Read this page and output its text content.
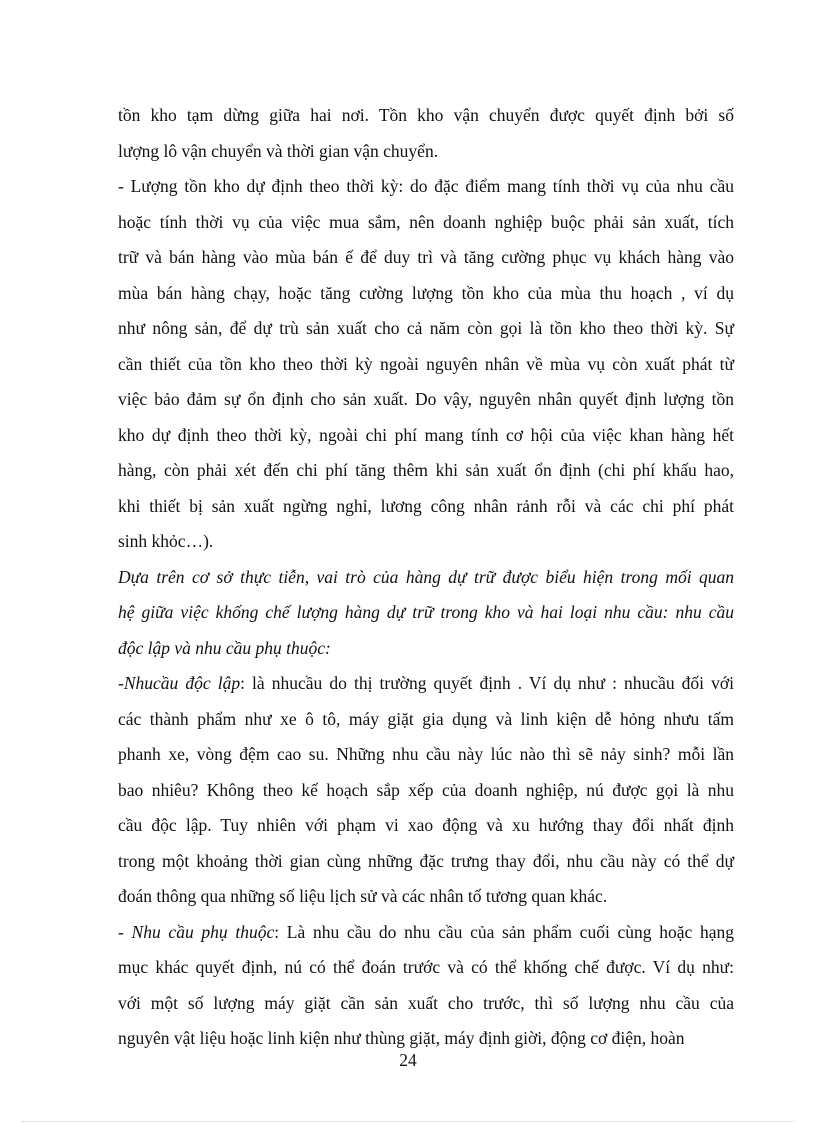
tồn kho tạm dừng giữa hai nơi. Tồn kho vận chuyển được quyết định bởi số
lượng lô vận chuyển và thời gian vận chuyển.
- Lượng tồn kho dự định theo thời kỳ: do đặc điểm mang tính thời vụ của nhu cầu
hoặc tính thời vụ của việc mua sắm, nên doanh nghiệp buộc phải sản xuất, tích
trữ và bán hàng vào mùa bán ế để duy trì và tăng cường phục vụ khách hàng vào
mùa bán hàng chạy, hoặc tăng cường lượng tồn kho của mùa thu hoạch , ví dụ
như nông sản, để dự trù sản xuất cho cả năm còn gọi là tồn kho theo thời kỳ. Sự
cần thiết của tồn kho theo thời kỳ ngoài nguyên nhân về mùa vụ còn xuất phát từ
việc bảo đảm sự ổn định cho sản xuất. Do vậy, nguyên nhân quyết định lượng tồn
kho dự định theo thời kỳ, ngoài chi phí mang tính cơ hội của việc khan hàng hết
hàng, còn phải xét đến chi phí tăng thêm khi sản xuất ổn định (chi phí khấu hao,
khi thiết bị sản xuất ngừng nghỉ, lương công nhân rảnh rỗi và các chi phí phát
sinh khỏc…).
Dựa trên cơ sở thực tiễn, vai trò của hàng dự trữ được biểu hiện trong mối quan
hệ giữa việc khống chế lượng hàng dự trữ trong kho và hai loại nhu cầu: nhu cầu
độc lập và nhu cầu phụ thuộc:
-Nhucầu độc lập: là nhucầu do thị trường quyết định . Ví dụ như : nhucầu đối với
các thành phẩm như xe ô tô, máy giặt gia dụng và linh kiện dễ hỏng nhưu tấm
phanh xe, vòng đệm cao su. Những nhu cầu này lúc nào thì sẽ nảy sinh? mỗi lần
bao nhiêu? Không theo kế hoạch sắp xếp của doanh nghiệp, nú được gọi là nhu
cầu độc lập. Tuy nhiên với phạm vi xao động và xu hướng thay đổi nhất định
trong một khoảng thời gian cùng những đặc trưng thay đổi, nhu cầu này có thể dự
đoán thông qua những số liệu lịch sử và các nhân tố tương quan khác.
- Nhu cầu phụ thuộc: Là nhu cầu do nhu cầu của sản phẩm cuối cùng hoặc hạng
mục khác quyết định, nú có thể đoán trước và có thể khống chế được. Ví dụ như:
với một số lượng máy giặt cần sản xuất cho trước, thì số lượng nhu cầu của
nguyên vật liệu hoặc linh kiện như thùng giặt, máy định giời, động cơ điện, hoàn
24
